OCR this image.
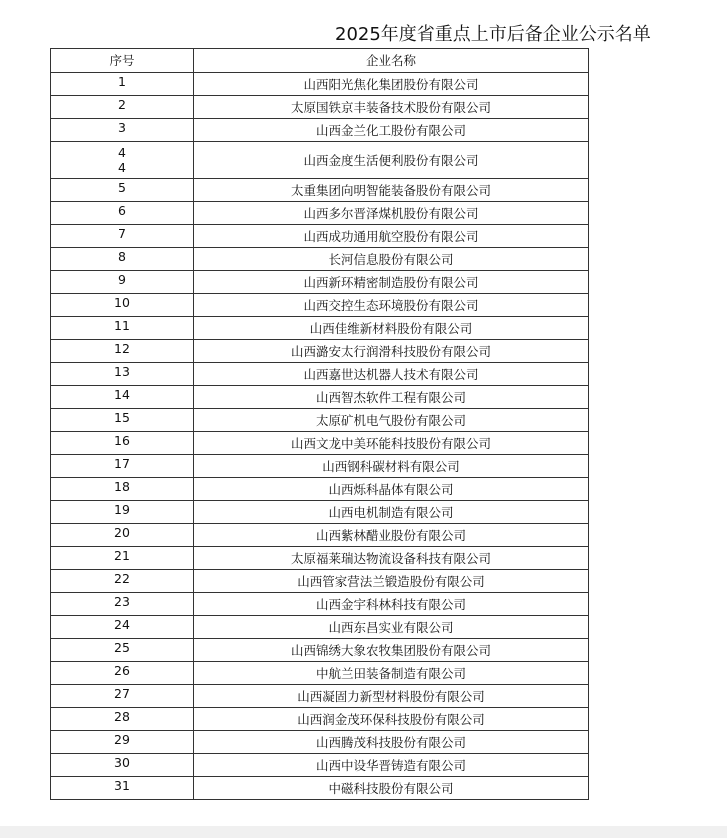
2025年度省重点上市后备企业公示名单
序号	企业名称

1	山西阳光焦化集团股份有限公司

2	太原国铁京丰装备技术股份有限公司

3	山西金兰化工股份有限公司

4
4	山西金度生活便利股份有限公司

5	太重集团向明智能装备股份有限公司

6	山西多尔晋泽煤机股份有限公司

7	山西成功通用航空股份有限公司

8	长河信息股份有限公司

9	山西新环精密制造股份有限公司

10	山西交控生态环境股份有限公司

11	山西佳维新材料股份有限公司

12	山西潞安太行润滑科技股份有限公司

13	山西嘉世达机器人技术有限公司

14	山西智杰软件工程有限公司

15	太原矿机电气股份有限公司

16	山西文龙中美环能科技股份有限公司

17	山西钢科碳材料有限公司

18	山西烁科晶体有限公司

19	山西电机制造有限公司

20	山西紫林醋业股份有限公司

21	太原福莱瑞达物流设备科技有限公司

22	山西管家营法兰锻造股份有限公司

23	山西金宇科林科技有限公司

24	山西东昌实业有限公司

25	山西锦绣大象农牧集团股份有限公司

26	中航兰田装备制造有限公司

27	山西凝固力新型材料股份有限公司

28	山西润金茂环保科技股份有限公司

29	山西腾茂科技股份有限公司

30	山西中设华晋铸造有限公司

31	中磁科技股份有限公司
